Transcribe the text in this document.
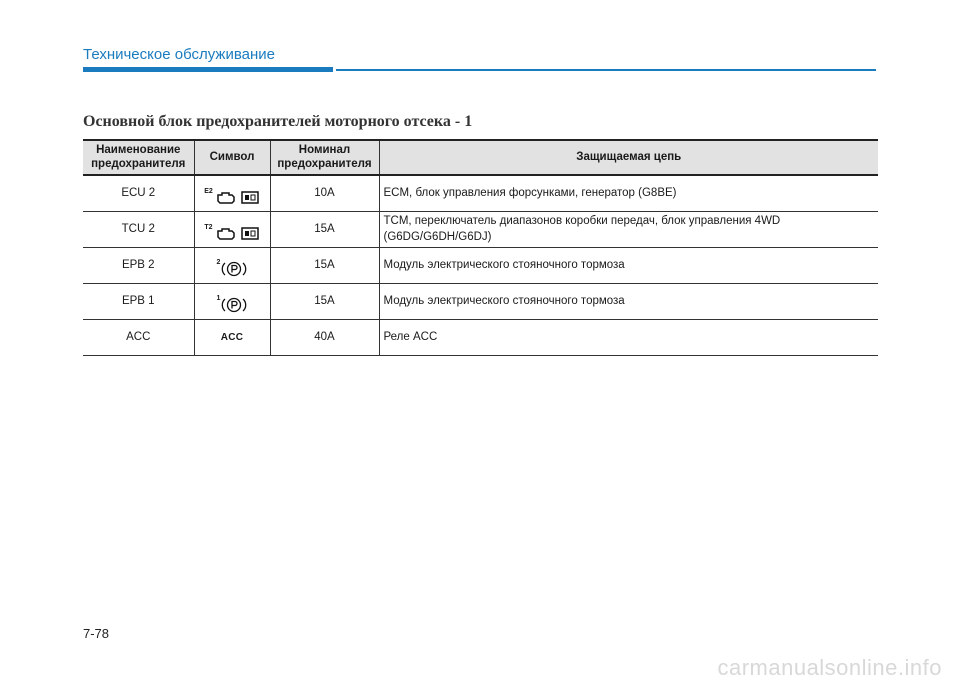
Техническое обслуживание
Основной блок предохранителей моторного отсека - 1
Наименование предохранителя	Символ	Номинал предохранителя	Защищаемая цепь
ECU 2	E2	10A	ECM, блок управления форсунками, генератор (G8BE)
TCU 2	T2	15A	TCM, переключатель диапазонов коробки передач, блок управления 4WD (G6DG/G6DH/G6DJ)
EPB 2	2	15A	Модуль электрического стояночного тормоза
EPB 1	1	15A	Модуль электрического стояночного тормоза
ACC	ACC	40A	Реле ACC
7-78
carmanualsonline.info
